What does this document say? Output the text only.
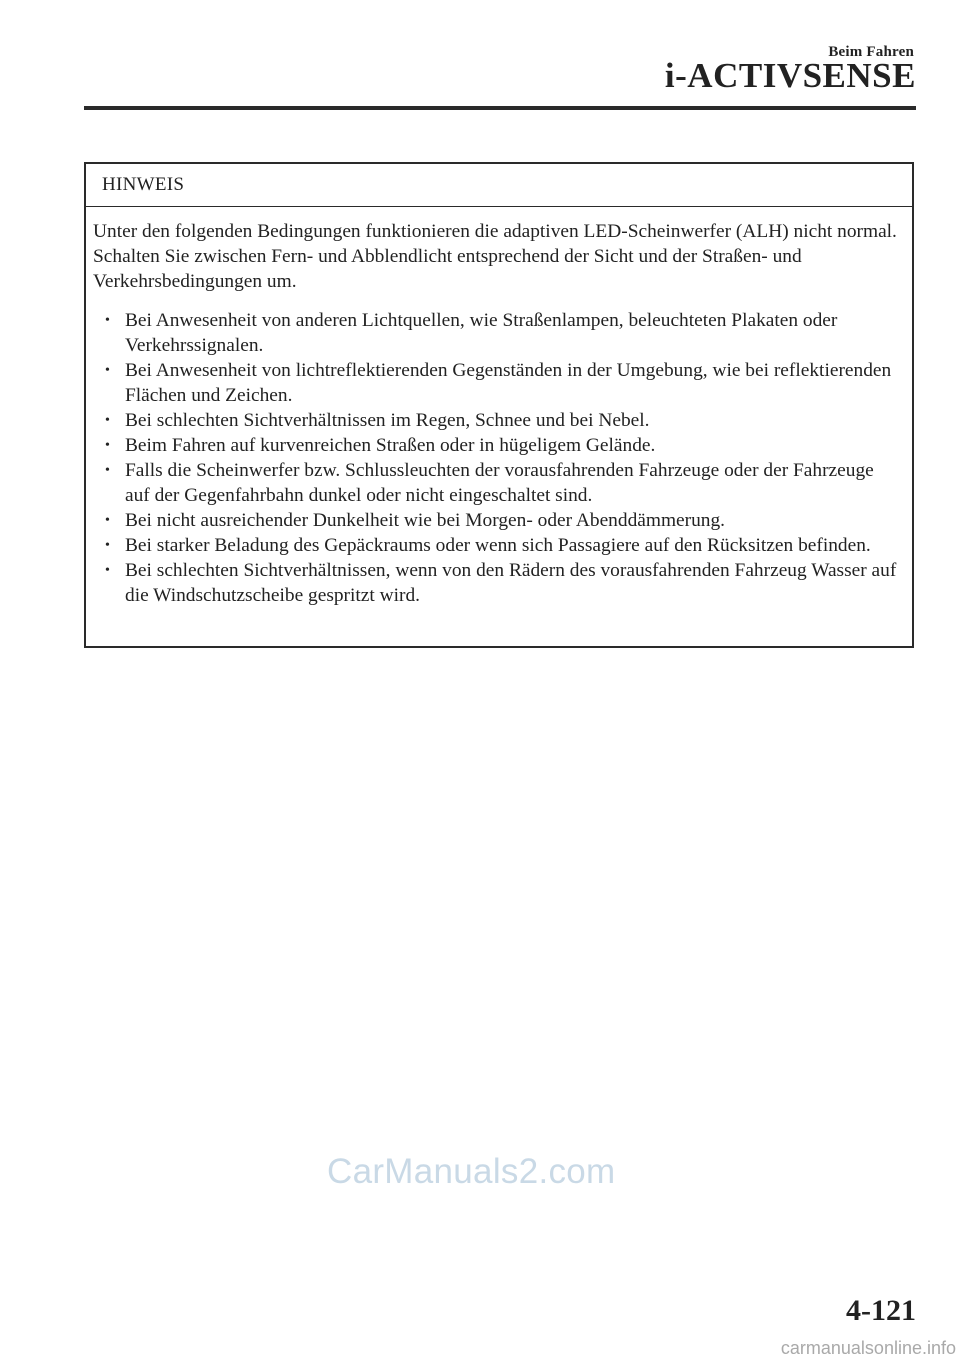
Beim Fahren
i-ACTIVSENSE
HINWEIS

Unter den folgenden Bedingungen funktionieren die adaptiven LED-Scheinwerfer (ALH) nicht normal. Schalten Sie zwischen Fern- und Abblendlicht entsprechend der Sicht und der Straßen- und Verkehrsbedingungen um.

• Bei Anwesenheit von anderen Lichtquellen, wie Straßenlampen, beleuchteten Plakaten oder Verkehrssignalen.
• Bei Anwesenheit von lichtreflektierenden Gegenständen in der Umgebung, wie bei reflektierenden Flächen und Zeichen.
• Bei schlechten Sichtverhältnissen im Regen, Schnee und bei Nebel.
• Beim Fahren auf kurvenreichen Straßen oder in hügeligem Gelände.
• Falls die Scheinwerfer bzw. Schlussleuchten der vorausfahrenden Fahrzeuge oder der Fahrzeuge auf der Gegenfahrbahn dunkel oder nicht eingeschaltet sind.
• Bei nicht ausreichender Dunkelheit wie bei Morgen- oder Abenddämmerung.
• Bei starker Beladung des Gepäckraums oder wenn sich Passagiere auf den Rücksitzen befinden.
• Bei schlechten Sichtverhältnissen, wenn von den Rädern des vorausfahrenden Fahrzeug Wasser auf die Windschutzscheibe gespritzt wird.
CarManuals2.com
4-121
carmanualsonline.info
